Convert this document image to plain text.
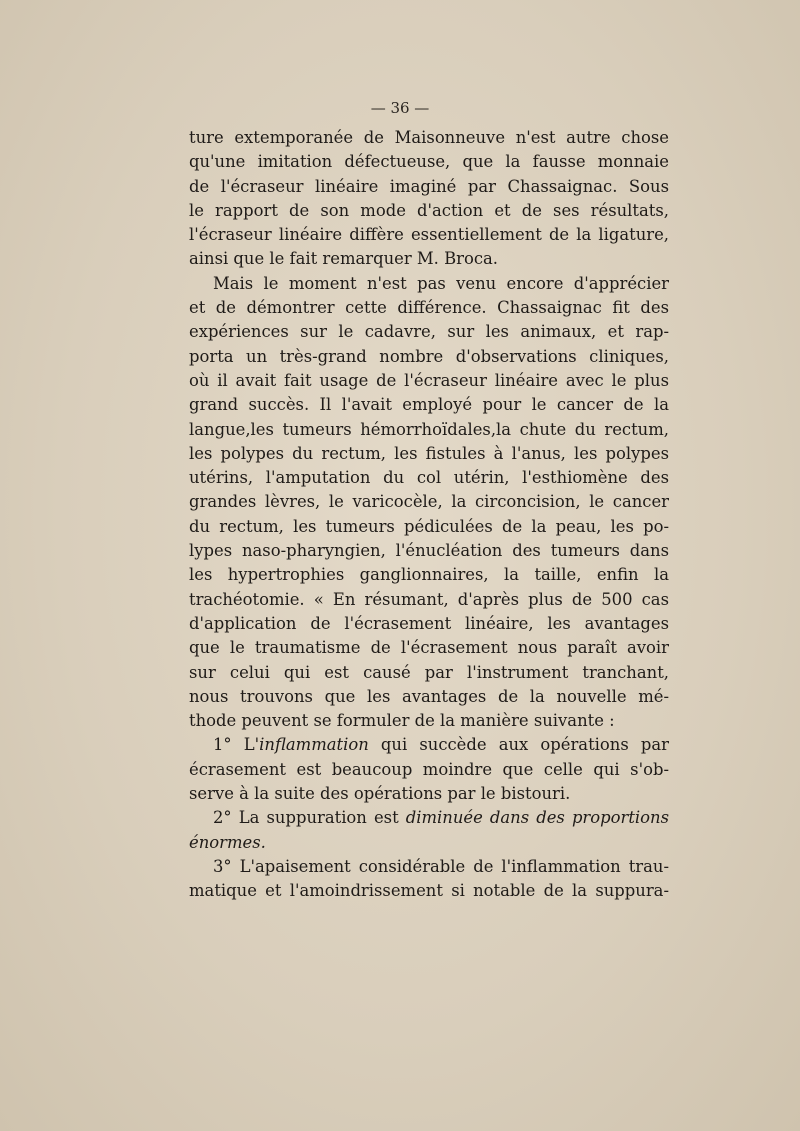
— 36 —
ture extemporanée de Maisonneuve n'est autre chose
qu'une imitation défectueuse, que la fausse monnaie
de l'écraseur linéaire imaginé par Chassaignac. Sous
le rapport de son mode d'action et de ses résultats,
l'écraseur linéaire diffère essentiellement de la ligature,
ainsi que le fait remarquer M. Broca.
Mais le moment n'est pas venu encore d'apprécier
et de démontrer cette différence. Chassaignac fit des
expériences sur le cadavre, sur les animaux, et rap-
porta un très-grand nombre d'observations cliniques,
où il avait fait usage de l'écraseur linéaire avec le plus
grand succès. Il l'avait employé pour le cancer de la
langue,les tumeurs hémorrhoïdales,la chute du rectum,
les polypes du rectum, les fistules à l'anus, les polypes
utérins, l'amputation du col utérin, l'esthiomène des
grandes lèvres, le varicocèle, la circoncision, le cancer
du rectum, les tumeurs pédiculées de la peau, les po-
lypes naso-pharyngien, l'énucléation des tumeurs dans
les hypertrophies ganglionnaires, la taille, enfin la
trachéotomie. « En résumant, d'après plus de 500 cas
d'application de l'écrasement linéaire, les avantages
que le traumatisme de l'écrasement nous paraît avoir
sur celui qui est causé par l'instrument tranchant,
nous trouvons que les avantages de la nouvelle mé-
thode peuvent se formuler de la manière suivante :
1° L'inflammation qui succède aux opérations par
écrasement est beaucoup moindre que celle qui s'ob-
serve à la suite des opérations par le bistouri.
2° La suppuration est diminuée dans des proportions
énormes.
3° L'apaisement considérable de l'inflammation trau-
matique et l'amoindrissement si notable de la suppura-
